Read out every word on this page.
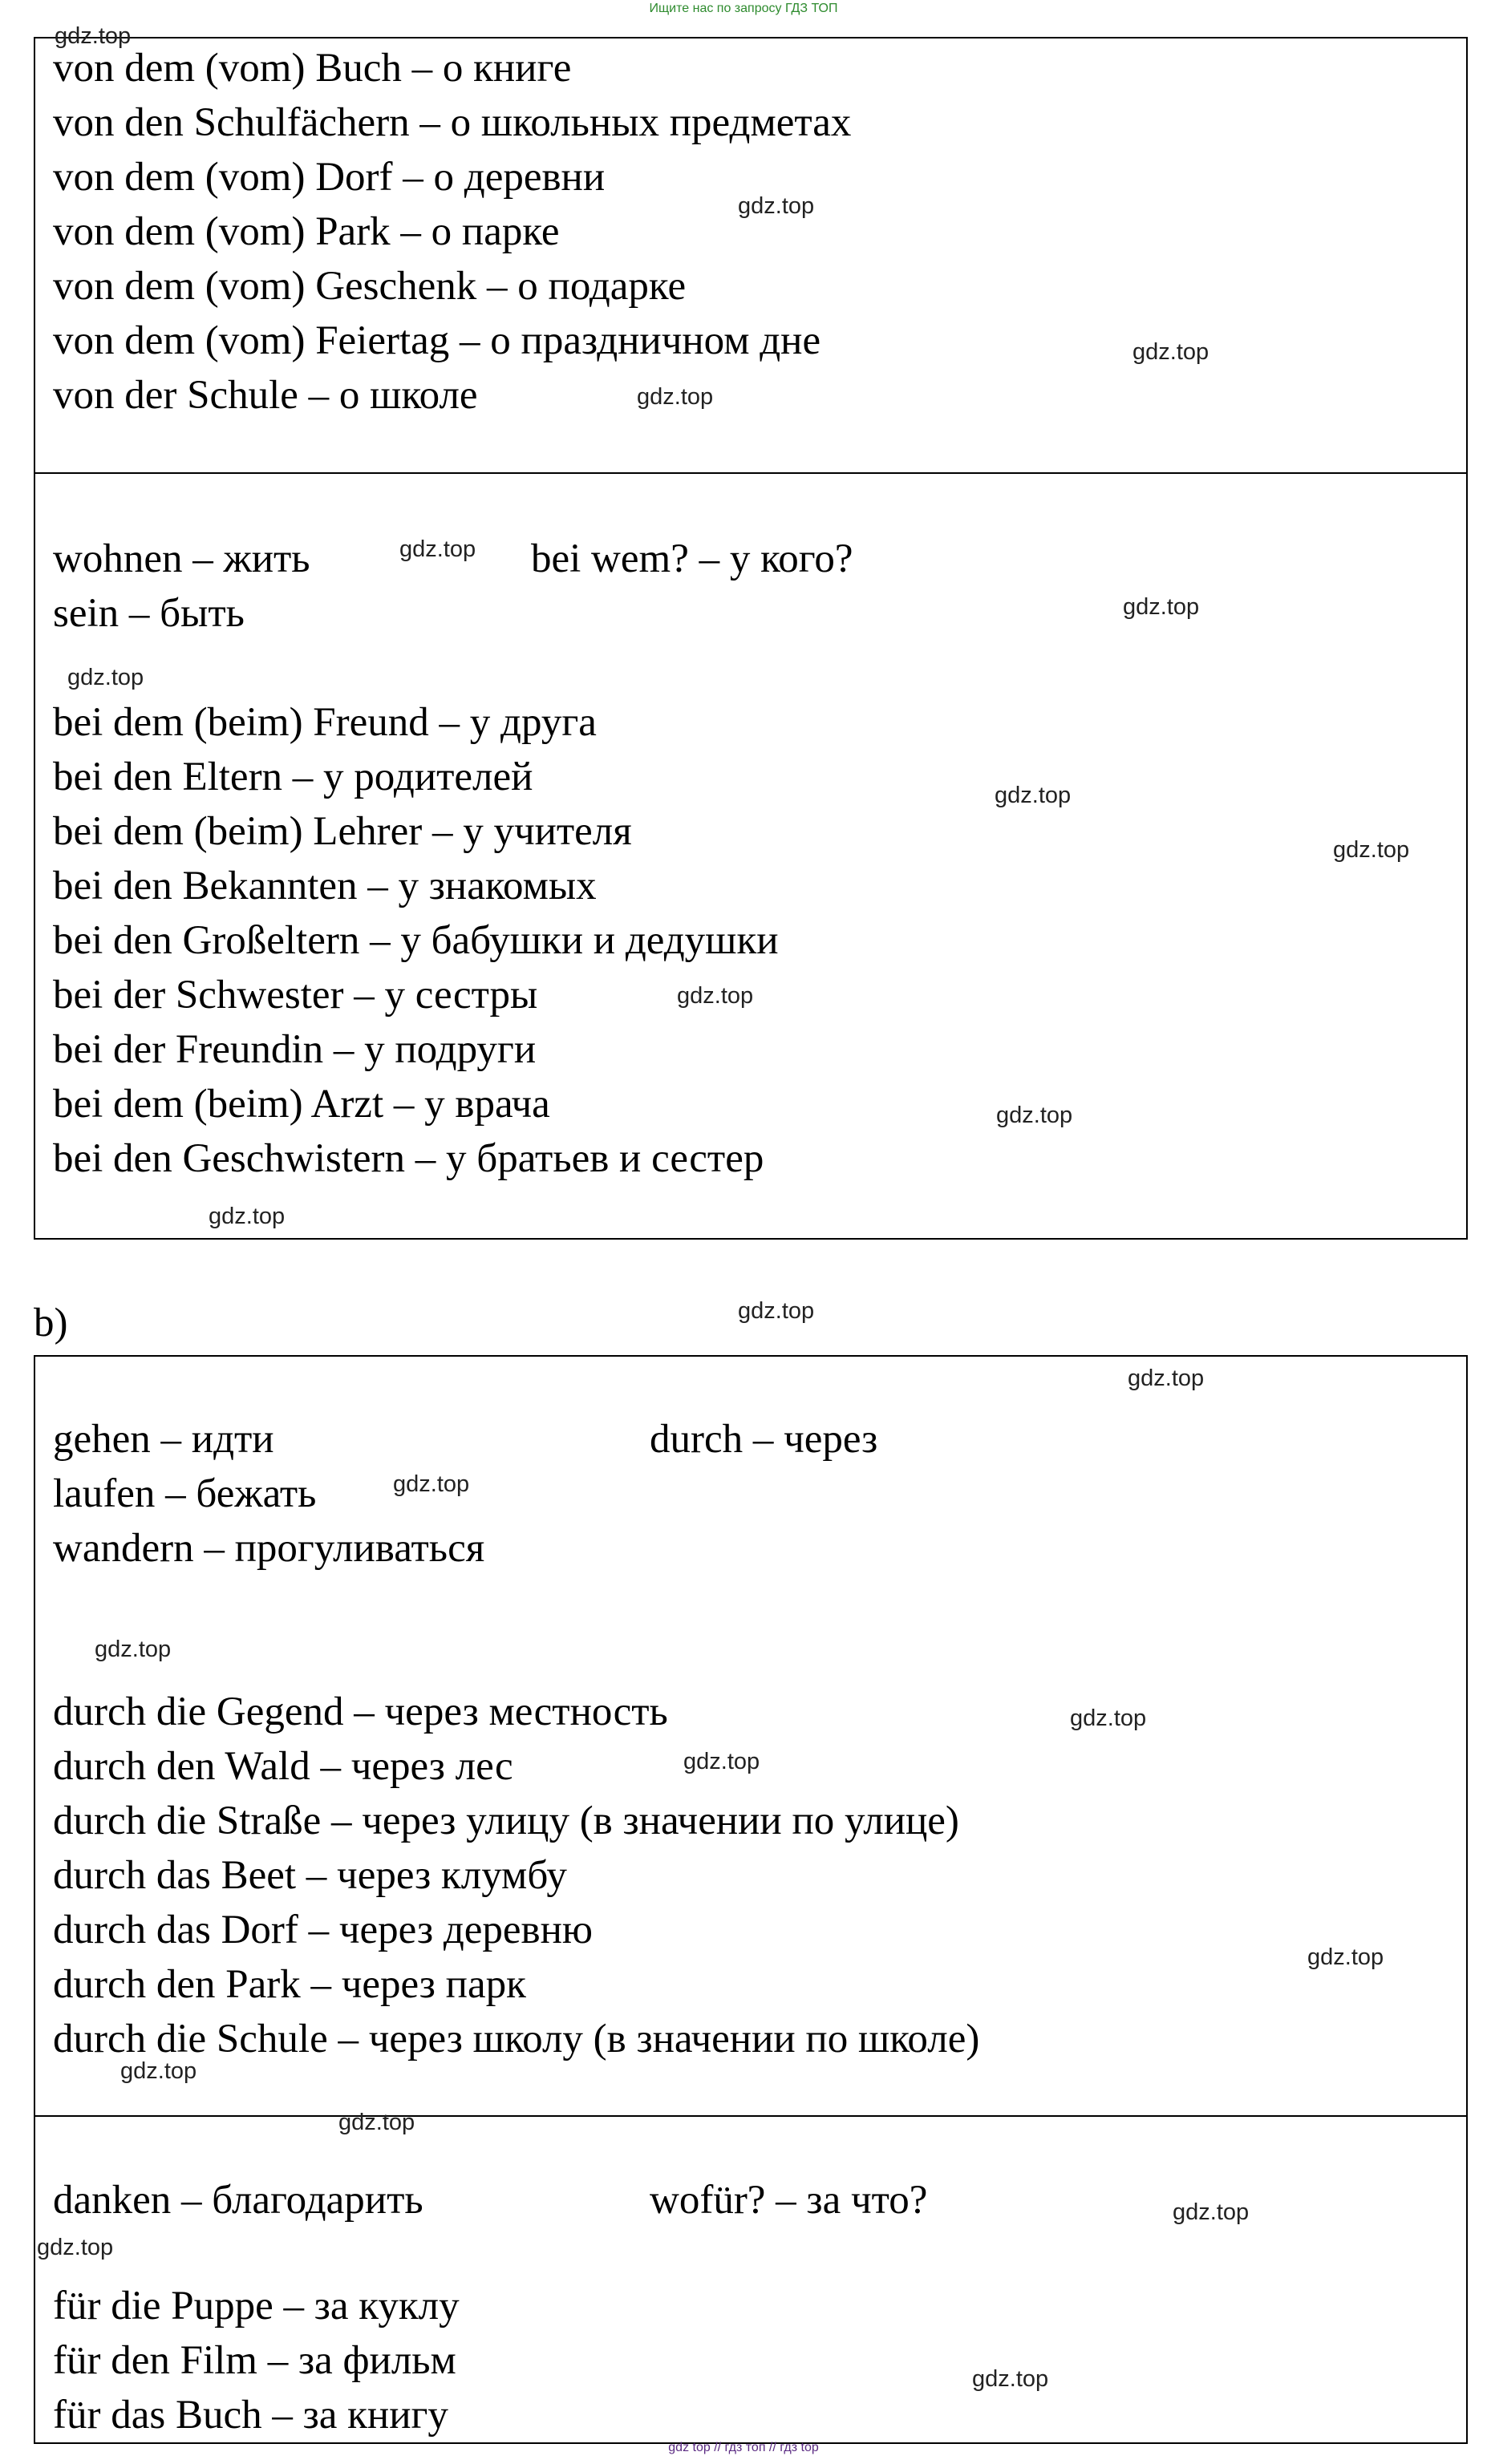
Ищите нас по запросу ГДЗ ТОП
von dem (vom) Buch – о книге
von den Schulfächern – о школьных предметах
von dem (vom) Dorf – о деревни
von dem (vom) Park – о парке
von dem (vom) Geschenk – о подарке
von dem (vom) Feiertag – о праздничном дне
von der Schule – о школе
wohnen – жить	bei wem? – у кого?
sein – быть
bei dem (beim) Freund – у друга
bei den Eltern – у родителей
bei dem (beim) Lehrer – у учителя
bei den Bekannten – у знакомых
bei den Großeltern – у бабушки и дедушки
bei der Schwester – у сестры
bei der Freundin – у подруги
bei dem (beim) Arzt – у врача
bei den Geschwistern – у братьев и сестер
b)
gehen – идти	durch – через
laufen – бежать
wandern – прогуливаться
durch die Gegend – через местность
durch den Wald – через лес
durch die Straße – через улицу (в значении по улице)
durch das Beet – через клумбу
durch das Dorf – через деревню
durch den Park – через парк
durch die Schule – через школу (в значении по школе)
danken – благодарить	wofür? – за что?
für die Puppe – за куклу
für den Film – за фильм
für das Buch – за книгу
gdz.top
gdz.top
gdz.top
gdz.top
gdz.top
gdz.top
gdz.top
gdz.top
gdz.top
gdz.top
gdz.top
gdz.top
gdz.top
gdz.top
gdz.top
gdz.top
gdz.top
gdz.top
gdz.top
gdz.top
gdz.top
gdz.top
gdz.top
gdz.top
gdz top // гдз топ // гдз top
